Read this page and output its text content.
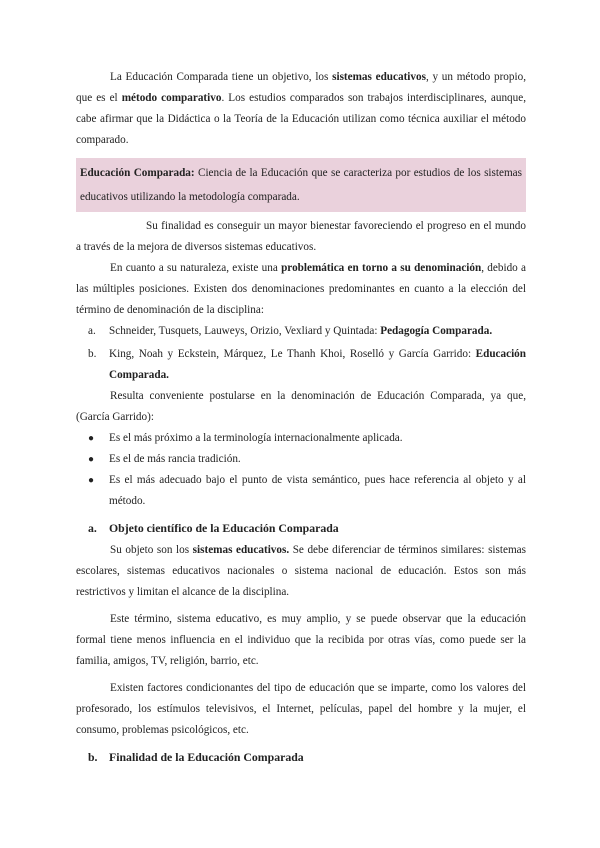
La Educación Comparada tiene un objetivo, los sistemas educativos, y un método propio, que es el método comparativo. Los estudios comparados son trabajos interdisciplinares, aunque, cabe afirmar que la Didáctica o la Teoría de la Educación utilizan como técnica auxiliar el método comparado.

Educación Comparada: Ciencia de la Educación que se caracteriza por estudios de los sistemas educativos utilizando la metodología comparada.

Su finalidad es conseguir un mayor bienestar favoreciendo el progreso en el mundo a través de la mejora de diversos sistemas educativos.

En cuanto a su naturaleza, existe una problemática en torno a su denominación, debido a las múltiples posiciones. Existen dos denominaciones predominantes en cuanto a la elección del término de denominación de la disciplina:

a. Schneider, Tusquets, Lauweys, Orizio, Vexliard y Quintada: Pedagogía Comparada.
b. King, Noah y Eckstein, Márquez, Le Thanh Khoi, Roselló y García Garrido: Educación Comparada.

Resulta conveniente postularse en la denominación de Educación Comparada, ya que, (García Garrido):

● Es el más próximo a la terminología internacionalmente aplicada.
● Es el de más rancia tradición.
● Es el más adecuado bajo el punto de vista semántico, pues hace referencia al objeto y al método.
a. Objeto científico de la Educación Comparada

Su objeto son los sistemas educativos. Se debe diferenciar de términos similares: sistemas escolares, sistemas educativos nacionales o sistema nacional de educación. Estos son más restrictivos y limitan el alcance de la disciplina.

Este término, sistema educativo, es muy amplio, y se puede observar que la educación formal tiene menos influencia en el individuo que la recibida por otras vías, como puede ser la familia, amigos, TV, religión, barrio, etc.

Existen factores condicionantes del tipo de educación que se imparte, como los valores del profesorado, los estímulos televisivos, el Internet, películas, papel del hombre y la mujer, el consumo, problemas psicológicos, etc.

b. Finalidad de la Educación Comparada
